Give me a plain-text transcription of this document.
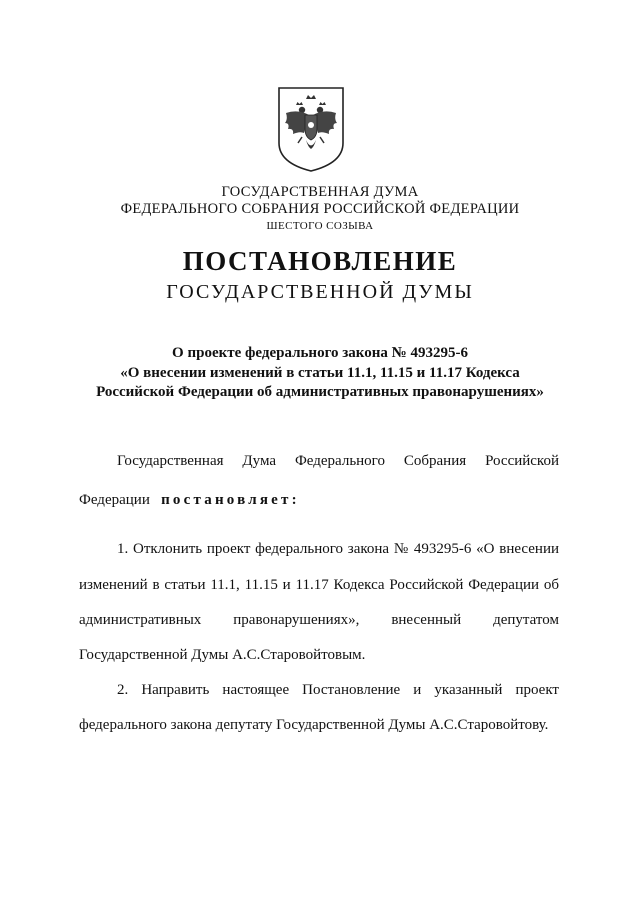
ГОСУДАРСТВЕННАЯ ДУМА
ФЕДЕРАЛЬНОГО СОБРАНИЯ РОССИЙСКОЙ ФЕДЕРАЦИИ
ШЕСТОГО СОЗЫВА
ПОСТАНОВЛЕНИЕ
ГОСУДАРСТВЕННОЙ ДУМЫ
О проекте федерального закона № 493295-6
«О внесении изменений в статьи 11.1, 11.15 и 11.17 Кодекса
Российской Федерации об административных правонарушениях»
Государственная Дума Федерального Собрания Российской
Федерации постановляет:
1. Отклонить проект федерального закона № 493295-6 «О внесении
изменений в статьи 11.1, 11.15 и 11.17 Кодекса Российской Федерации об
административных правонарушениях», внесенный депутатом
Государственной Думы А.С.Старовойтовым.
2. Направить настоящее Постановление и указанный проект
федерального закона депутату Государственной Думы А.С.Старовойтову.
